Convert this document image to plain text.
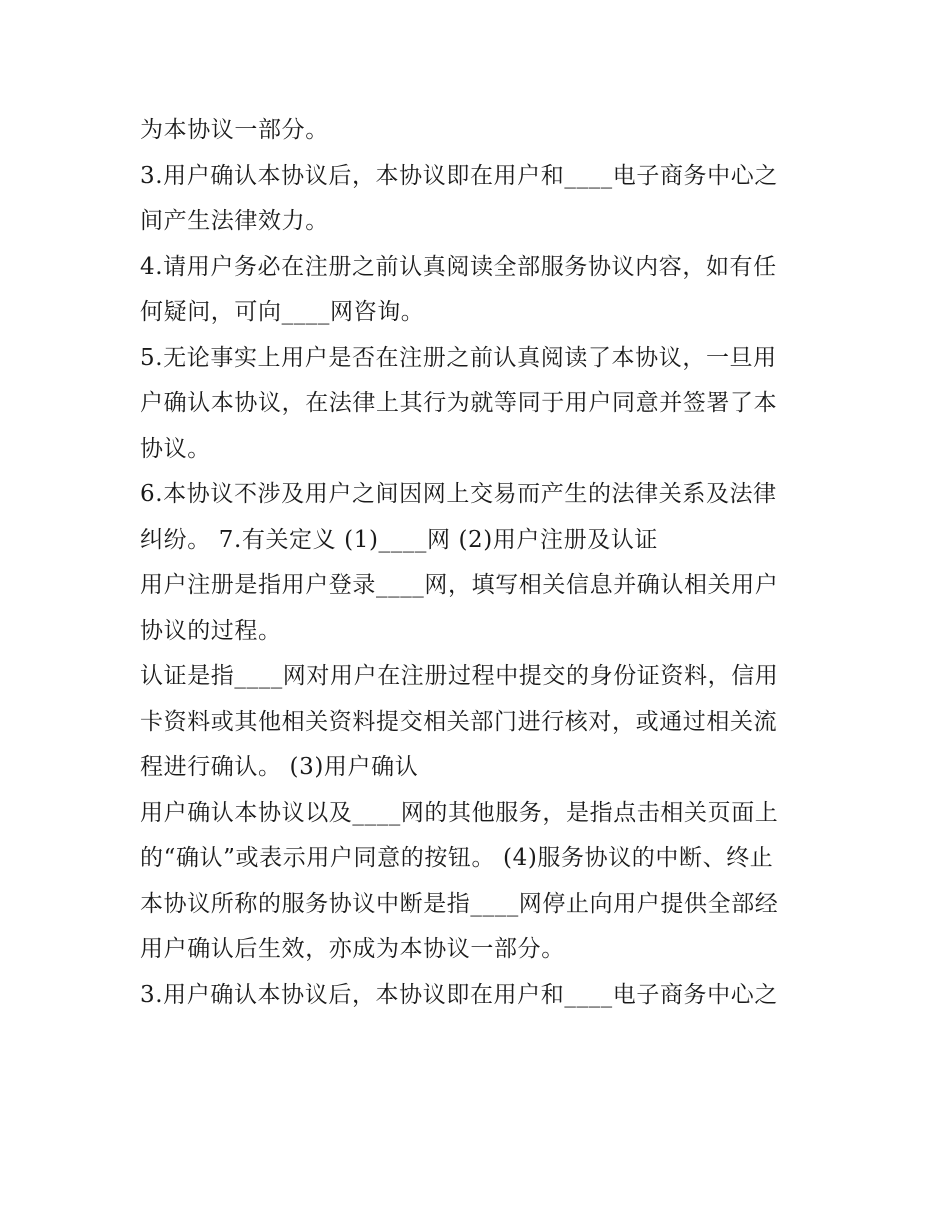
为本协议一部分。
3.用户确认本协议后，本协议即在用户和____电子商务中心之
间产生法律效力。
4.请用户务必在注册之前认真阅读全部服务协议内容，如有任
何疑问，可向____网咨询。
5.无论事实上用户是否在注册之前认真阅读了本协议，一旦用
户确认本协议，在法律上其行为就等同于用户同意并签署了本
协议。
6.本协议不涉及用户之间因网上交易而产生的法律关系及法律
纠纷。 7.有关定义 (1)____网 (2)用户注册及认证
用户注册是指用户登录____网，填写相关信息并确认相关用户
协议的过程。
认证是指____网对用户在注册过程中提交的身份证资料，信用
卡资料或其他相关资料提交相关部门进行核对，或通过相关流
程进行确认。 (3)用户确认
用户确认本协议以及____网的其他服务，是指点击相关页面上
的“确认”或表示用户同意的按钮。 (4)服务协议的中断、终止
本协议所称的服务协议中断是指____网停止向用户提供全部经
用户确认后生效，亦成为本协议一部分。
3.用户确认本协议后，本协议即在用户和____电子商务中心之
